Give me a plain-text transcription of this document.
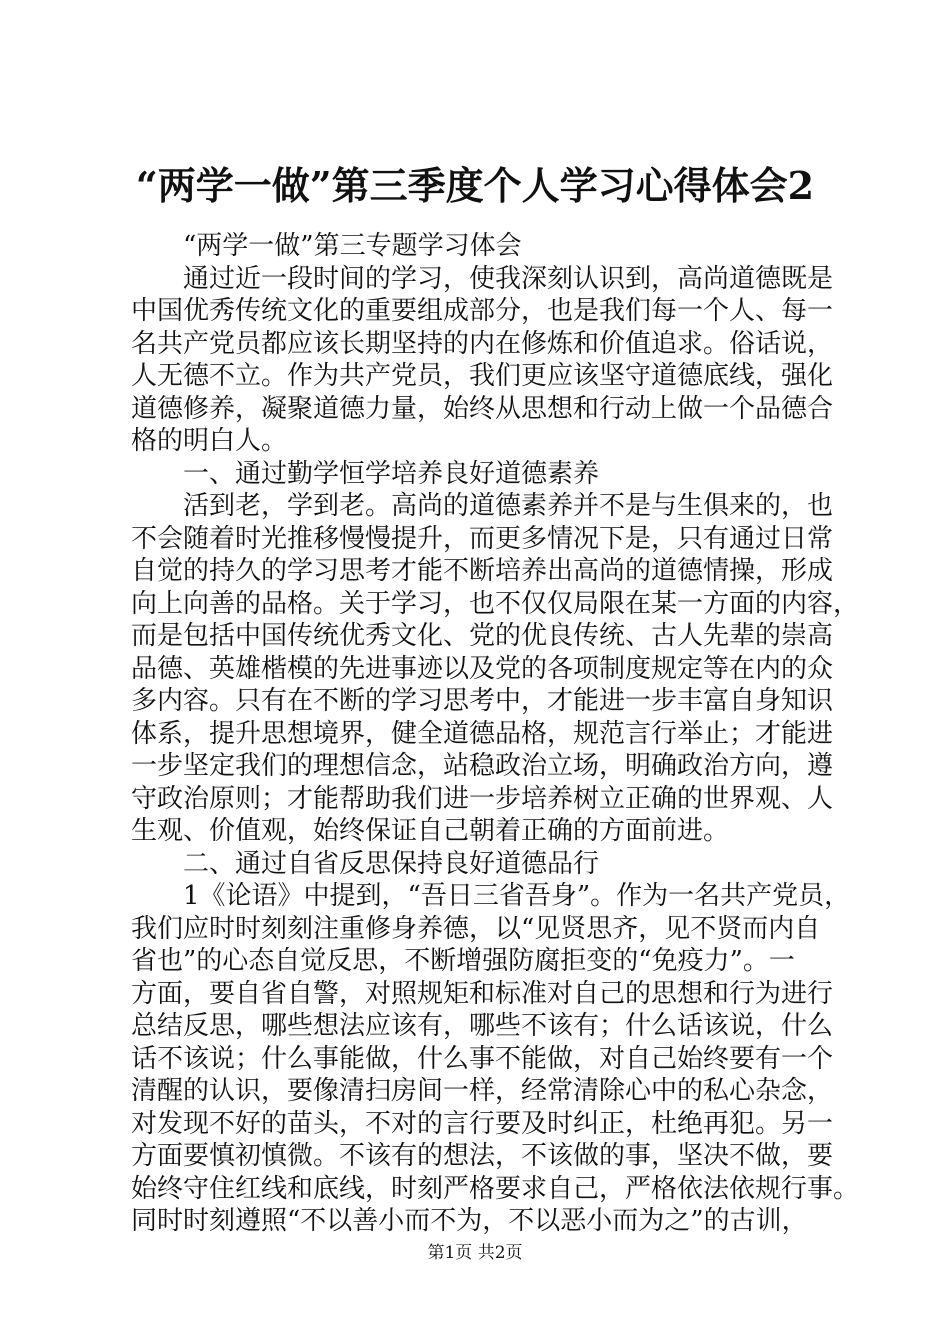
“两学一做”第三季度个人学习心得体会2
“两学一做”第三专题学习体会
通过近一段时间的学习，使我深刻认识到，高尚道德既是
中国优秀传统文化的重要组成部分，也是我们每一个人、每一
名共产党员都应该长期坚持的内在修炼和价值追求。俗话说，
人无德不立。作为共产党员，我们更应该坚守道德底线，强化
道德修养，凝聚道德力量，始终从思想和行动上做一个品德合
格的明白人。
一、通过勤学恒学培养良好道德素养
活到老，学到老。高尚的道德素养并不是与生俱来的，也
不会随着时光推移慢慢提升，而更多情况下是，只有通过日常
自觉的持久的学习思考才能不断培养出高尚的道德情操，形成
向上向善的品格。关于学习，也不仅仅局限在某一方面的内容，
而是包括中国传统优秀文化、党的优良传统、古人先辈的崇高
品德、英雄楷模的先进事迹以及党的各项制度规定等在内的众
多内容。只有在不断的学习思考中，才能进一步丰富自身知识
体系，提升思想境界，健全道德品格，规范言行举止；才能进
一步坚定我们的理想信念，站稳政治立场，明确政治方向，遵
守政治原则；才能帮助我们进一步培养树立正确的世界观、人
生观、价值观，始终保证自己朝着正确的方面前进。
二、通过自省反思保持良好道德品行
1《论语》中提到，“吾日三省吾身”。作为一名共产党员，
我们应时时刻刻注重修身养德，以“见贤思齐，见不贤而内自
省也”的心态自觉反思，不断增强防腐拒变的“免疫力”。一
方面，要自省自警，对照规矩和标准对自己的思想和行为进行
总结反思，哪些想法应该有，哪些不该有；什么话该说，什么
话不该说；什么事能做，什么事不能做，对自己始终要有一个
清醒的认识，要像清扫房间一样，经常清除心中的私心杂念，
对发现不好的苗头，不对的言行要及时纠正，杜绝再犯。另一
方面要慎初慎微。不该有的想法，不该做的事，坚决不做，要
始终守住红线和底线，时刻严格要求自己，严格依法依规行事。
同时时刻遵照“不以善小而不为，不以恶小而为之”的古训，
第1页 共2页
